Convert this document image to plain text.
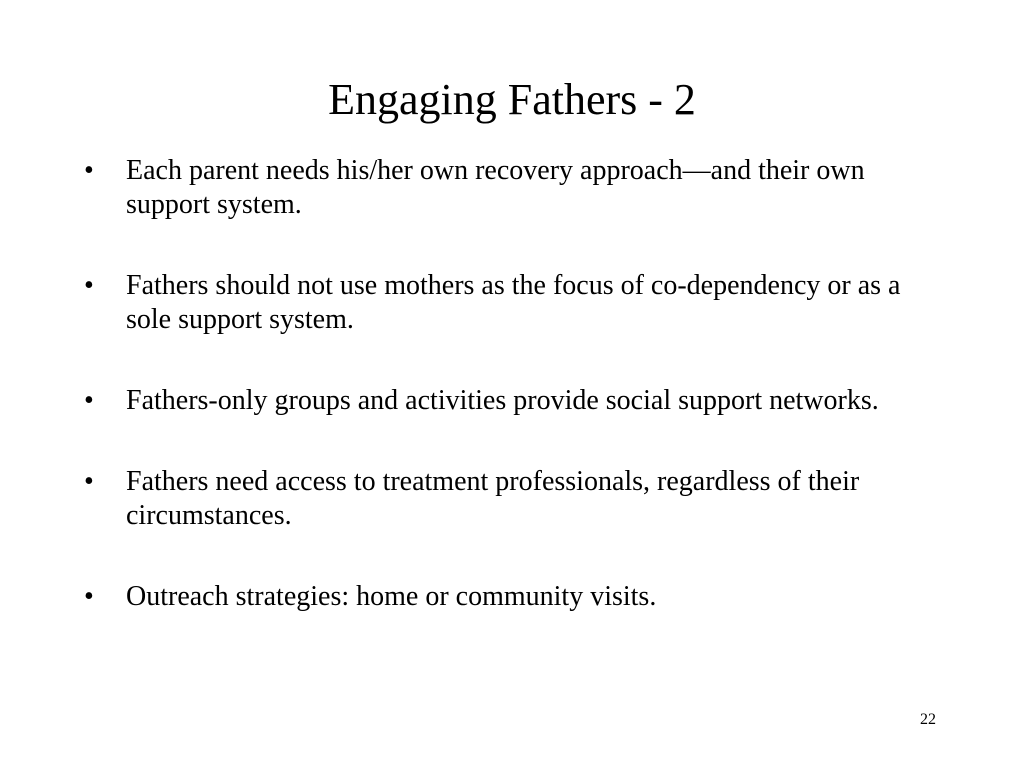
Engaging Fathers - 2
•	Each parent needs his/her own recovery approach—and their own support system.
•	Fathers should not use mothers as the focus of co-dependency or as a sole support system.
•	Fathers-only groups and activities provide social support networks.
•	Fathers need access to treatment professionals, regardless of their circumstances.
•	Outreach strategies: home or community visits.
22
